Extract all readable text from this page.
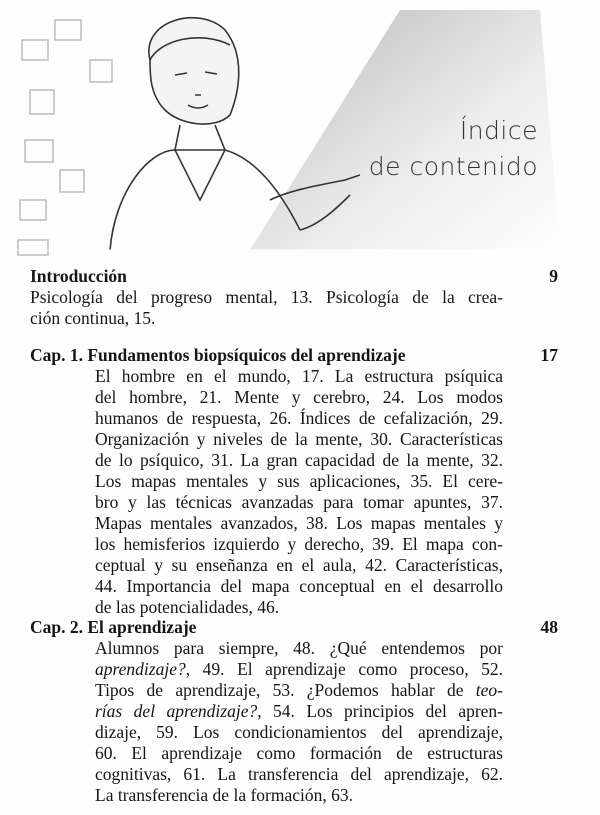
Índice
de contenido
Introducción	9
Psicología del progreso mental, 13. Psicología de la crea-
ción continua, 15.
Cap. 1. Fundamentos biopsíquicos del aprendizaje	17
El hombre en el mundo, 17. La estructura psíquica
del hombre, 21. Mente y cerebro, 24. Los modos
humanos de respuesta, 26. Índices de cefalización, 29.
Organización y niveles de la mente, 30. Características
de lo psíquico, 31. La gran capacidad de la mente, 32.
Los mapas mentales y sus aplicaciones, 35. El cere-
bro y las técnicas avanzadas para tomar apuntes, 37.
Mapas mentales avanzados, 38. Los mapas mentales y
los hemisferios izquierdo y derecho, 39. El mapa con-
ceptual y su enseñanza en el aula, 42. Características,
44. Importancia del mapa conceptual en el desarrollo
de las potencialidades, 46.
Cap. 2. El aprendizaje	48
Alumnos para siempre, 48. ¿Qué entendemos por
aprendizaje?, 49. El aprendizaje como proceso, 52.
Tipos de aprendizaje, 53. ¿Podemos hablar de teo-
rías del aprendizaje?, 54. Los principios del apren-
dizaje, 59. Los condicionamientos del aprendizaje,
60. El aprendizaje como formación de estructuras
cognitivas, 61. La transferencia del aprendizaje, 62.
La transferencia de la formación, 63.
